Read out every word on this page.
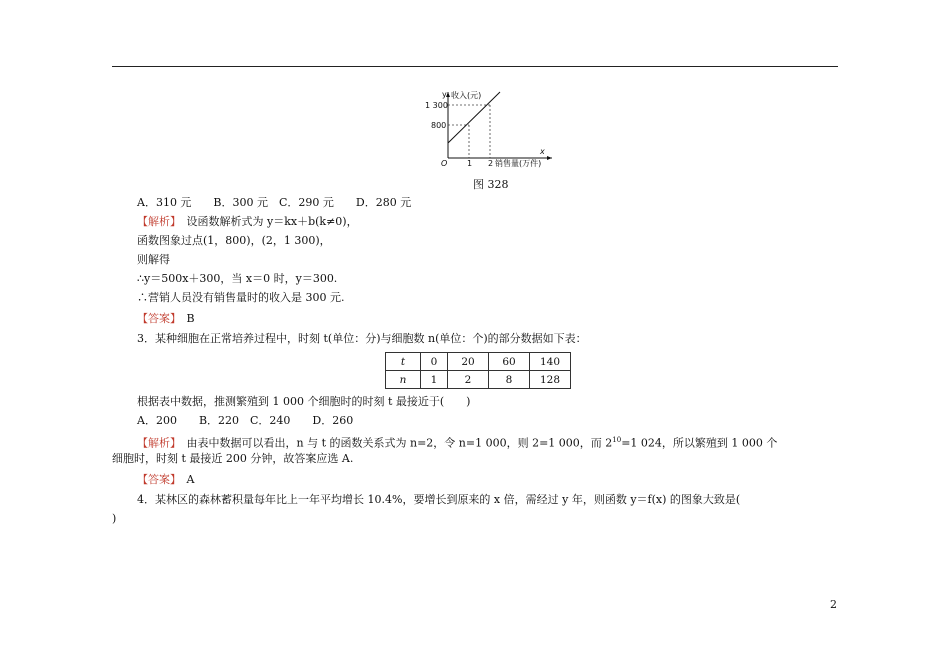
y 收入(元)
1 300
800
O 1 2 销售量(万件)
x
图 328
A．310 元　　B．300 元　C．290 元　　D．280 元
【解析】　设函数解析式为 y＝kx＋b(k≠0)，
函数图象过点(1，800)，(2，1 300)，
则解得
∴y＝500x＋300，当 x＝0 时，y＝300.
∴营销人员没有销售量时的收入是 300 元.
【答案】　B
3．某种细胞在正常培养过程中，时刻 t(单位：分)与细胞数 n(单位：个)的部分数据如下表：
t	0	20	60	140
n	1	2	8	128
根据表中数据，推测繁殖到 1 000 个细胞时的时刻 t 最接近于(　　)
A．200　　B．220　C．240　　D．260
【解析】　由表中数据可以看出，n 与 t 的函数关系式为 n=2，令 n=1 000，则 2=1 000，而 $2^{10}=1$ 024，所以繁殖到 1 000 个
细胞时，时刻 t 最接近 200 分钟，故答案应选 A.
【答案】　A
4．某林区的森林蓄积量每年比上一年平均增长 10.4%，要增长到原来的 x 倍，需经过 y 年，则函数 y＝f(x) 的图象大致是(
)
2
